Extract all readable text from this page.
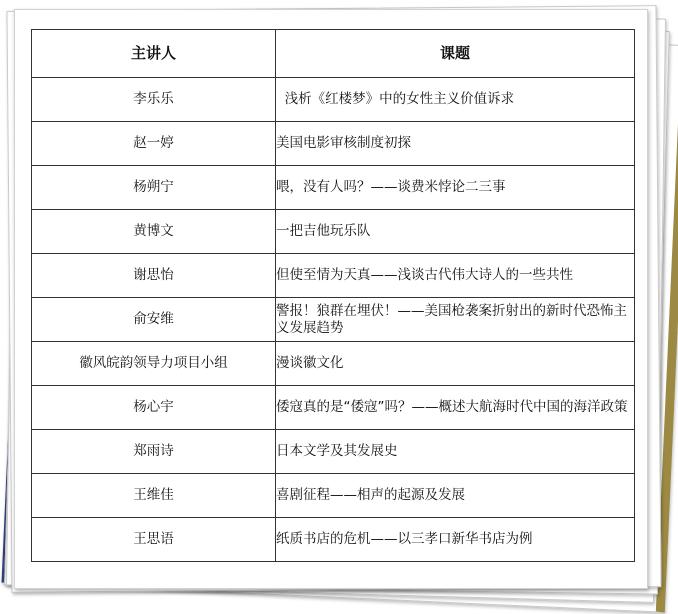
主讲人	课题
李乐乐	浅析《红楼梦》中的女性主义价值诉求
赵一婷	美国电影审核制度初探
杨朔宁	喂，没有人吗？——谈费米悖论二三事
黄博文	一把吉他玩乐队
谢思怡	但使至情为天真——浅谈古代伟大诗人的一些共性
俞安维	警报！狼群在埋伏！——美国枪袭案折射出的新时代恐怖主义发展趋势
徽风皖韵领导力项目小组	漫谈徽文化
杨心宇	倭寇真的是“倭寇”吗？——概述大航海时代中国的海洋政策
郑雨诗	日本文学及其发展史
王维佳	喜剧征程——相声的起源及发展
王思语	纸质书店的危机——以三孝口新华书店为例
